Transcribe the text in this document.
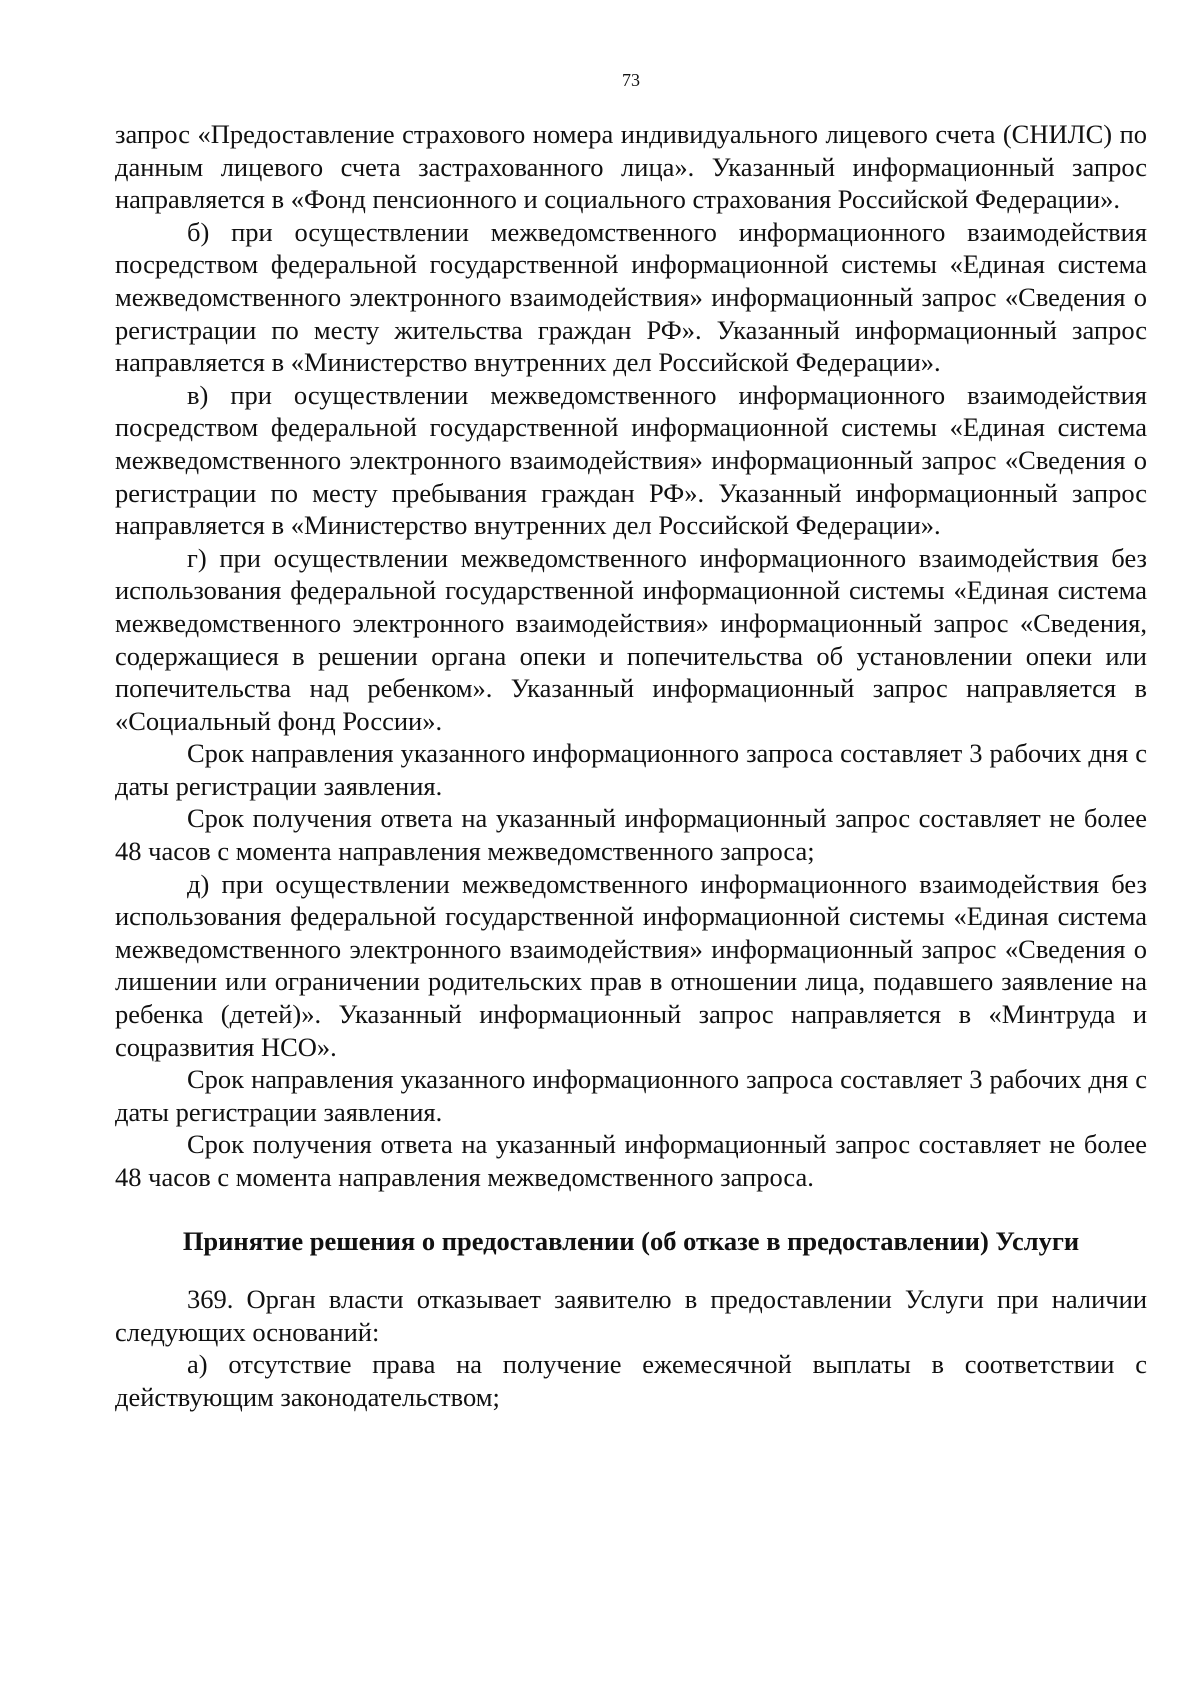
73

запрос «Предоставление страхового номера индивидуального лицевого счета (СНИЛС) по данным лицевого счета застрахованного лица». Указанный информационный запрос направляется в «Фонд пенсионного и социального страхования Российской Федерации».

б) при осуществлении межведомственного информационного взаимодействия посредством федеральной государственной информационной системы «Единая система межведомственного электронного взаимодействия» информационный запрос «Сведения о регистрации по месту жительства граждан РФ». Указанный информационный запрос направляется в «Министерство внутренних дел Российской Федерации».

в) при осуществлении межведомственного информационного взаимодействия посредством федеральной государственной информационной системы «Единая система межведомственного электронного взаимодействия» информационный запрос «Сведения о регистрации по месту пребывания граждан РФ». Указанный информационный запрос направляется в «Министерство внутренних дел Российской Федерации».

г) при осуществлении межведомственного информационного взаимодействия без использования федеральной государственной информационной системы «Единая система межведомственного электронного взаимодействия» информационный запрос «Сведения, содержащиеся в решении органа опеки и попечительства об установлении опеки или попечительства над ребенком». Указанный информационный запрос направляется в «Социальный фонд России».

Срок направления указанного информационного запроса составляет 3 рабочих дня с даты регистрации заявления.

Срок получения ответа на указанный информационный запрос составляет не более 48 часов с момента направления межведомственного запроса;

д) при осуществлении межведомственного информационного взаимодействия без использования федеральной государственной информационной системы «Единая система межведомственного электронного взаимодействия» информационный запрос «Сведения о лишении или ограничении родительских прав в отношении лица, подавшего заявление на ребенка (детей)». Указанный информационный запрос направляется в «Минтруда и соцразвития НСО».

Срок направления указанного информационного запроса составляет 3 рабочих дня с даты регистрации заявления.

Срок получения ответа на указанный информационный запрос составляет не более 48 часов с момента направления межведомственного запроса.

Принятие решения о предоставлении (об отказе в предоставлении) Услуги

369. Орган власти отказывает заявителю в предоставлении Услуги при наличии следующих оснований:

а) отсутствие права на получение ежемесячной выплаты в соответствии с действующим законодательством;
